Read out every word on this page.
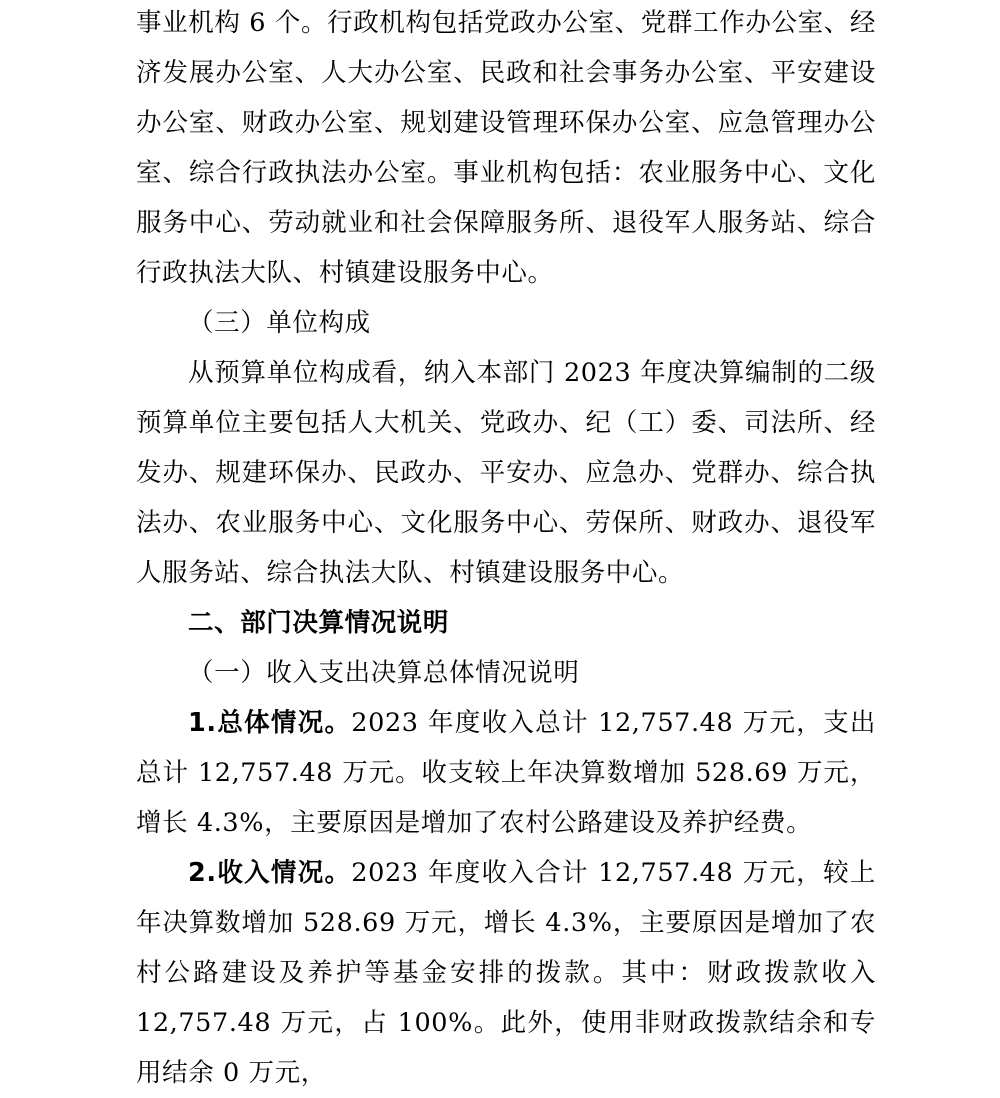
事业机构 6 个。行政机构包括党政办公室、党群工作办公室、经济发展办公室、人大办公室、民政和社会事务办公室、平安建设办公室、财政办公室、规划建设管理环保办公室、应急管理办公室、综合行政执法办公室。事业机构包括：农业服务中心、文化服务中心、劳动就业和社会保障服务所、退役军人服务站、综合行政执法大队、村镇建设服务中心。

（三）单位构成

从预算单位构成看，纳入本部门 2023 年度决算编制的二级预算单位主要包括人大机关、党政办、纪（工）委、司法所、经发办、规建环保办、民政办、平安办、应急办、党群办、综合执法办、农业服务中心、文化服务中心、劳保所、财政办、退役军人服务站、综合执法大队、村镇建设服务中心。

二、部门决算情况说明

（一）收入支出决算总体情况说明

1.总体情况。2023 年度收入总计 12,757.48 万元，支出总计 12,757.48 万元。收支较上年决算数增加 528.69 万元，增长 4.3%，主要原因是增加了农村公路建设及养护经费。

2.收入情况。2023 年度收入合计 12,757.48 万元，较上年决算数增加 528.69 万元，增长 4.3%，主要原因是增加了农村公路建设及养护等基金安排的拨款。其中：财政拨款收入 12,757.48 万元，占 100%。此外，使用非财政拨款结余和专用结余 0 万元，
